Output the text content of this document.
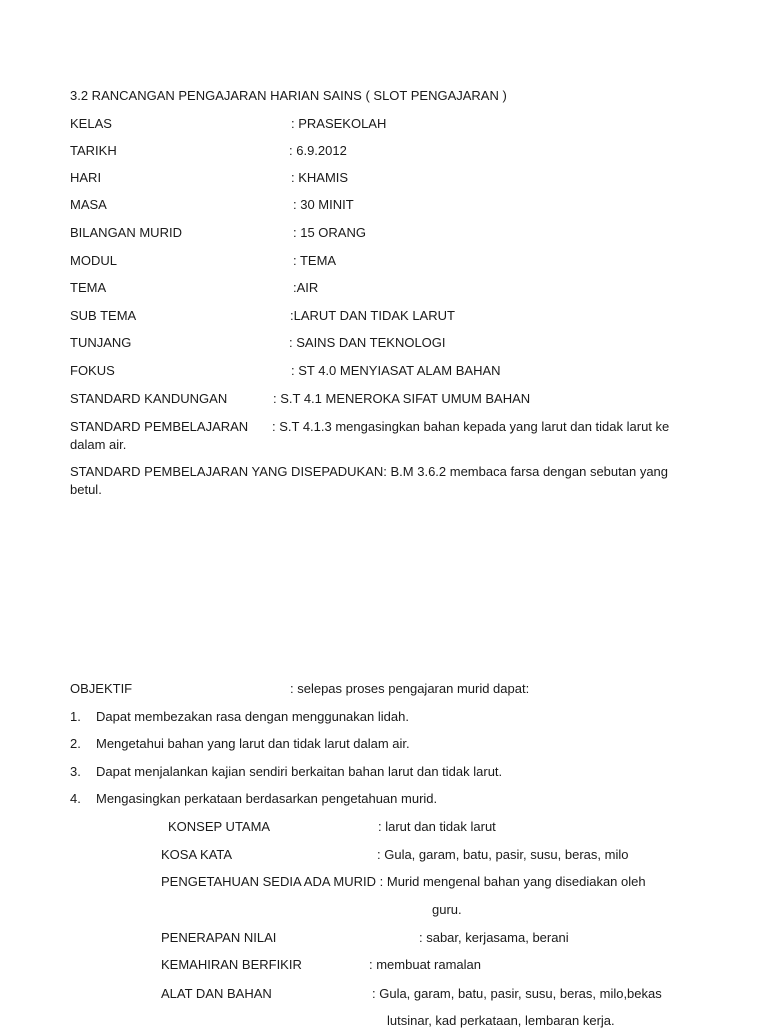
3.2 RANCANGAN PENGAJARAN HARIAN SAINS ( SLOT PENGAJARAN )
KELAS	: PRASEKOLAH
TARIKH	: 6.9.2012
HARI	: KHAMIS
MASA	: 30 MINIT
BILANGAN MURID	: 15 ORANG
MODUL	: TEMA
TEMA	:AIR
SUB TEMA	:LARUT DAN TIDAK LARUT
TUNJANG	: SAINS DAN TEKNOLOGI
FOKUS	: ST 4.0 MENYIASAT ALAM BAHAN
STANDARD KANDUNGAN	: S.T 4.1 MENEROKA SIFAT UMUM BAHAN
STANDARD PEMBELAJARAN : S.T 4.1.3 mengasingkan bahan kepada yang larut dan tidak larut ke
dalam air.
STANDARD PEMBELAJARAN YANG DISEPADUKAN: B.M 3.6.2 membaca farsa dengan sebutan yang
betul.
OBJEKTIF	: selepas proses pengajaran murid dapat:
1. Dapat membezakan rasa dengan menggunakan lidah.
2. Mengetahui bahan yang larut dan tidak larut dalam air.
3. Dapat menjalankan kajian sendiri berkaitan bahan larut dan tidak larut.
4. Mengasingkan perkataan berdasarkan pengetahuan murid.
KONSEP UTAMA	: larut dan tidak larut
KOSA KATA	: Gula, garam, batu, pasir, susu, beras, milo
PENGETAHUAN SEDIA ADA MURID : Murid mengenal bahan yang disediakan oleh
guru.
PENERAPAN NILAI	: sabar, kerjasama, berani
KEMAHIRAN BERFIKIR	: membuat ramalan
ALAT DAN BAHAN	: Gula, garam, batu, pasir, susu, beras, milo,bekas
lutsinar, kad perkataan, lembaran kerja.
